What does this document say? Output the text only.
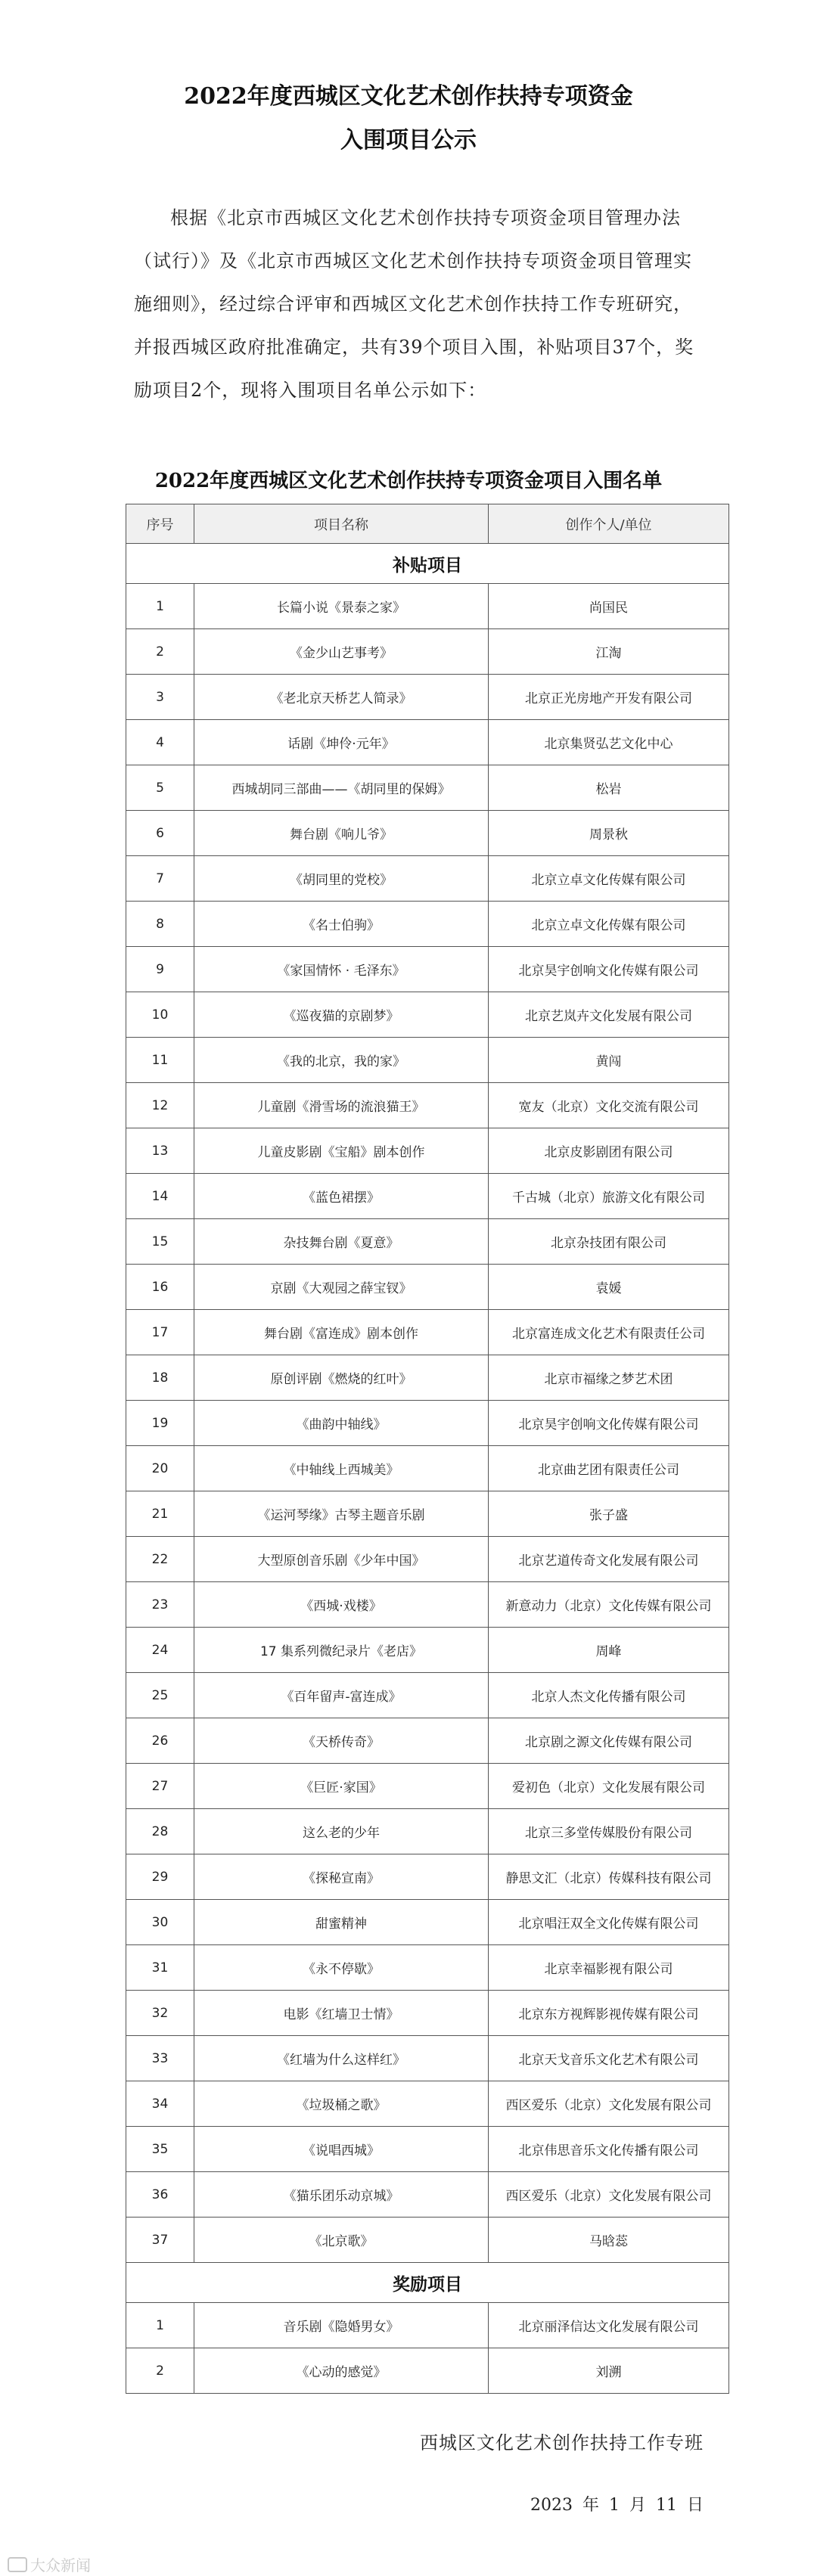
2022年度西城区文化艺术创作扶持专项资金
入围项目公示
根据《北京市西城区文化艺术创作扶持专项资金项目管理办法（试行）》及《北京市西城区文化艺术创作扶持专项资金项目管理实施细则》，经过综合评审和西城区文化艺术创作扶持工作专班研究，并报西城区政府批准确定，共有39个项目入围，补贴项目37个，奖励项目2个，现将入围项目名单公示如下：
2022年度西城区文化艺术创作扶持专项资金项目入围名单
序号	项目名称	创作个人/单位
补贴项目		
1	长篇小说《景泰之家》	尚国民
2	《金少山艺事考》	江淘
3	《老北京天桥艺人简录》	北京正光房地产开发有限公司
4	话剧《坤伶·元年》	北京集贤弘艺文化中心
5	西城胡同三部曲——《胡同里的保姆》	松岩
6	舞台剧《响儿爷》	周景秋
7	《胡同里的党校》	北京立卓文化传媒有限公司
8	《名士伯驹》	北京立卓文化传媒有限公司
9	《家国情怀 · 毛泽东》	北京昊宇创响文化传媒有限公司
10	《巡夜猫的京剧梦》	北京艺岚卉文化发展有限公司
11	《我的北京，我的家》	黄闯
12	儿童剧《滑雪场的流浪猫王》	宽友（北京）文化交流有限公司
13	儿童皮影剧《宝船》剧本创作	北京皮影剧团有限公司
14	《蓝色裙摆》	千古城（北京）旅游文化有限公司
15	杂技舞台剧《夏意》	北京杂技团有限公司
16	京剧《大观园之薛宝钗》	袁媛
17	舞台剧《富连成》剧本创作	北京富连成文化艺术有限责任公司
18	原创评剧《燃烧的红叶》	北京市福缘之梦艺术团
19	《曲韵中轴线》	北京昊宇创响文化传媒有限公司
20	《中轴线上西城美》	北京曲艺团有限责任公司
21	《运河琴缘》古琴主题音乐剧	张子盛
22	大型原创音乐剧《少年中国》	北京艺道传奇文化发展有限公司
23	《西城·戏楼》	新意动力（北京）文化传媒有限公司
24	17 集系列微纪录片《老店》	周峰
25	《百年留声-富连成》	北京人杰文化传播有限公司
26	《天桥传奇》	北京剧之源文化传媒有限公司
27	《巨匠·家国》	爱初色（北京）文化发展有限公司
28	这么老的少年	北京三多堂传媒股份有限公司
29	《探秘宣南》	静思文汇（北京）传媒科技有限公司
30	甜蜜精神	北京唱汪双全文化传媒有限公司
31	《永不停歇》	北京幸福影视有限公司
32	电影《红墙卫士情》	北京东方视辉影视传媒有限公司
33	《红墙为什么这样红》	北京天戈音乐文化艺术有限公司
34	《垃圾桶之歌》	西区爱乐（北京）文化发展有限公司
35	《说唱西城》	北京伟思音乐文化传播有限公司
36	《猫乐团乐动京城》	西区爱乐（北京）文化发展有限公司
37	《北京歌》	马晗蕊
奖励项目		
1	音乐剧《隐婚男女》	北京丽泽信达文化发展有限公司
2	《心动的感觉》	刘溯
西城区文化艺术创作扶持工作专班
2023 年 1 月 11 日
大众新闻
